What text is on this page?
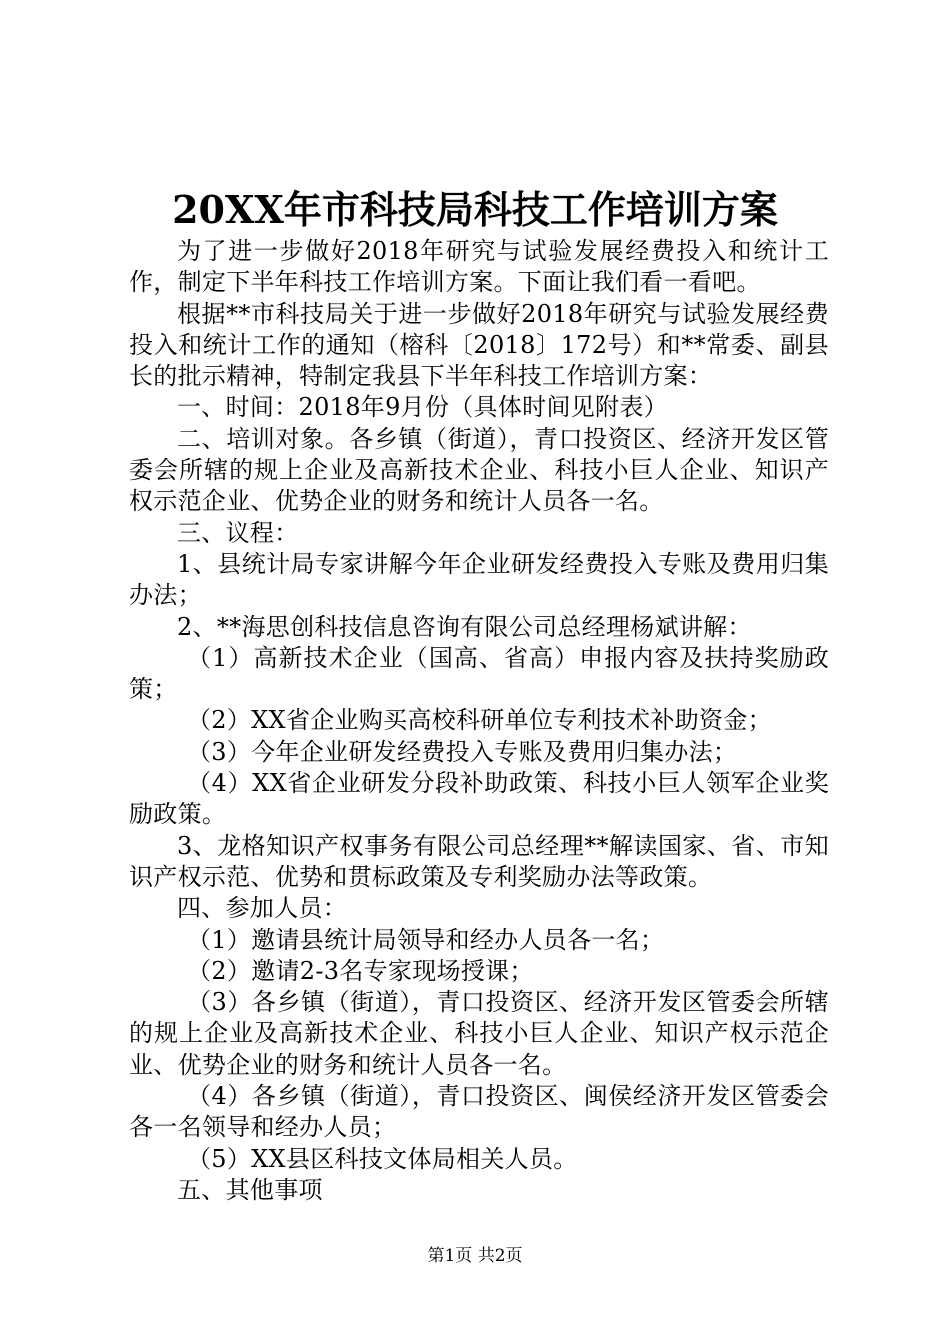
20XX年市科技局科技工作培训方案

为了进一步做好2018年研究与试验发展经费投入和统计工作，制定下半年科技工作培训方案。下面让我们看一看吧。

根据**市科技局关于进一步做好2018年研究与试验发展经费投入和统计工作的通知（榕科〔2018〕172号）和**常委、副县长的批示精神，特制定我县下半年科技工作培训方案：

一、时间：2018年9月份（具体时间见附表）

二、培训对象。各乡镇（街道），青口投资区、经济开发区管委会所辖的规上企业及高新技术企业、科技小巨人企业、知识产权示范企业、优势企业的财务和统计人员各一名。

三、议程：

1、县统计局专家讲解今年企业研发经费投入专账及费用归集办法；

2、**海思创科技信息咨询有限公司总经理杨斌讲解：

（1）高新技术企业（国高、省高）申报内容及扶持奖励政策；

（2）XX省企业购买高校科研单位专利技术补助资金；

（3）今年企业研发经费投入专账及费用归集办法；

（4）XX省企业研发分段补助政策、科技小巨人领军企业奖励政策。

3、龙格知识产权事务有限公司总经理**解读国家、省、市知识产权示范、优势和贯标政策及专利奖励办法等政策。

四、参加人员：

（1）邀请县统计局领导和经办人员各一名；

（2）邀请2-3名专家现场授课；

（3）各乡镇（街道），青口投资区、经济开发区管委会所辖的规上企业及高新技术企业、科技小巨人企业、知识产权示范企业、优势企业的财务和统计人员各一名。

（4）各乡镇（街道），青口投资区、闽侯经济开发区管委会各一名领导和经办人员；

（5）XX县区科技文体局相关人员。

五、其他事项

第1页 共2页
